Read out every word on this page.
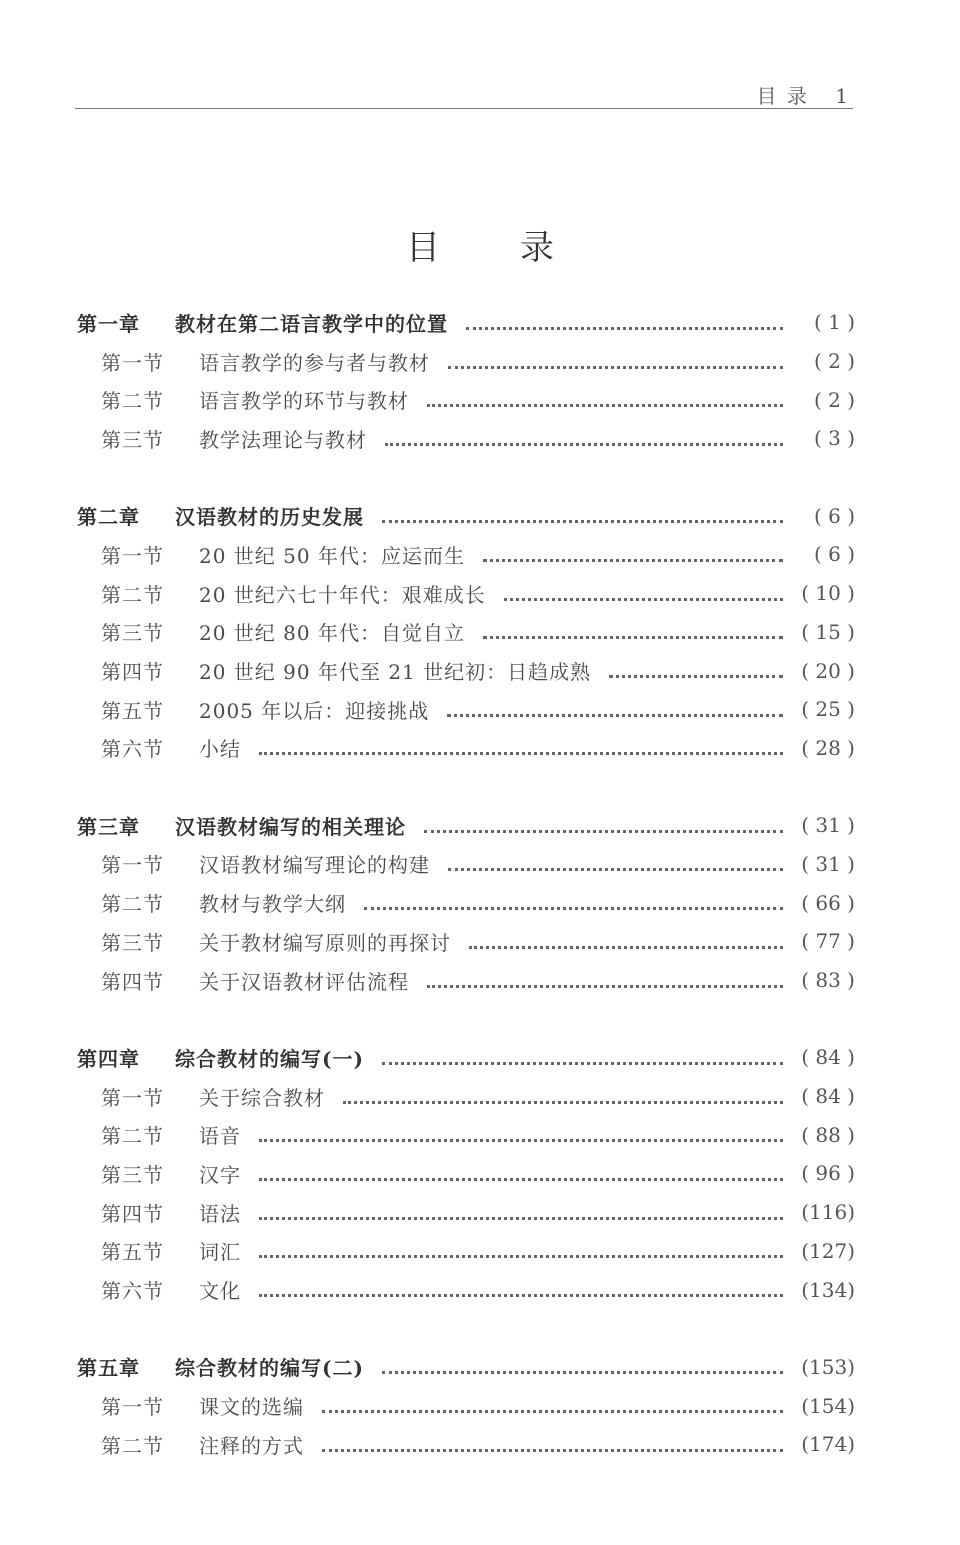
目 录 1
目 录
第一章	教材在第二语言教学中的位置	( 1 )
第一节	语言教学的参与者与教材	( 2 )
第二节	语言教学的环节与教材	( 2 )
第三节	教学法理论与教材	( 3 )
第二章	汉语教材的历史发展	( 6 )
第一节	20 世纪 50 年代：应运而生	( 6 )
第二节	20 世纪六七十年代：艰难成长	( 10 )
第三节	20 世纪 80 年代：自觉自立	( 15 )
第四节	20 世纪 90 年代至 21 世纪初：日趋成熟	( 20 )
第五节	2005 年以后：迎接挑战	( 25 )
第六节	小结	( 28 )
第三章	汉语教材编写的相关理论	( 31 )
第一节	汉语教材编写理论的构建	( 31 )
第二节	教材与教学大纲	( 66 )
第三节	关于教材编写原则的再探讨	( 77 )
第四节	关于汉语教材评估流程	( 83 )
第四章	综合教材的编写(一)	( 84 )
第一节	关于综合教材	( 84 )
第二节	语音	( 88 )
第三节	汉字	( 96 )
第四节	语法	(116)
第五节	词汇	(127)
第六节	文化	(134)
第五章	综合教材的编写(二)	(153)
第一节	课文的选编	(154)
第二节	注释的方式	(174)
